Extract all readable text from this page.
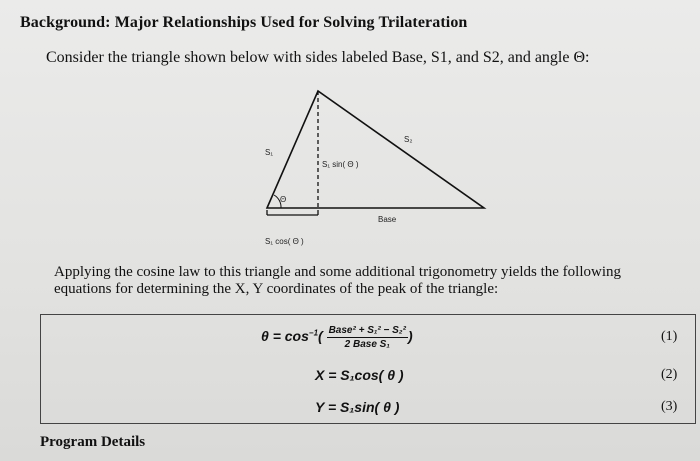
Background: Major Relationships Used for Solving Trilateration
Consider the triangle shown below with sides labeled Base, S1, and S2, and angle Θ:
S₁
S₂
S₁ sin( Θ )
Θ
Base
S₁ cos( Θ )
Applying the cosine law to this triangle and some additional trigonometry yields the following equations for determining the X, Y coordinates of the peak of the triangle:
$\theta = \cos^{-1}( \frac{\text{Base² + S₁² − S₂²}}{\text{2 Base S₁}}$ )	(1)
X = S₁cos( θ )	(2)
Y = S₁sin( θ )	(3)
Program Details
